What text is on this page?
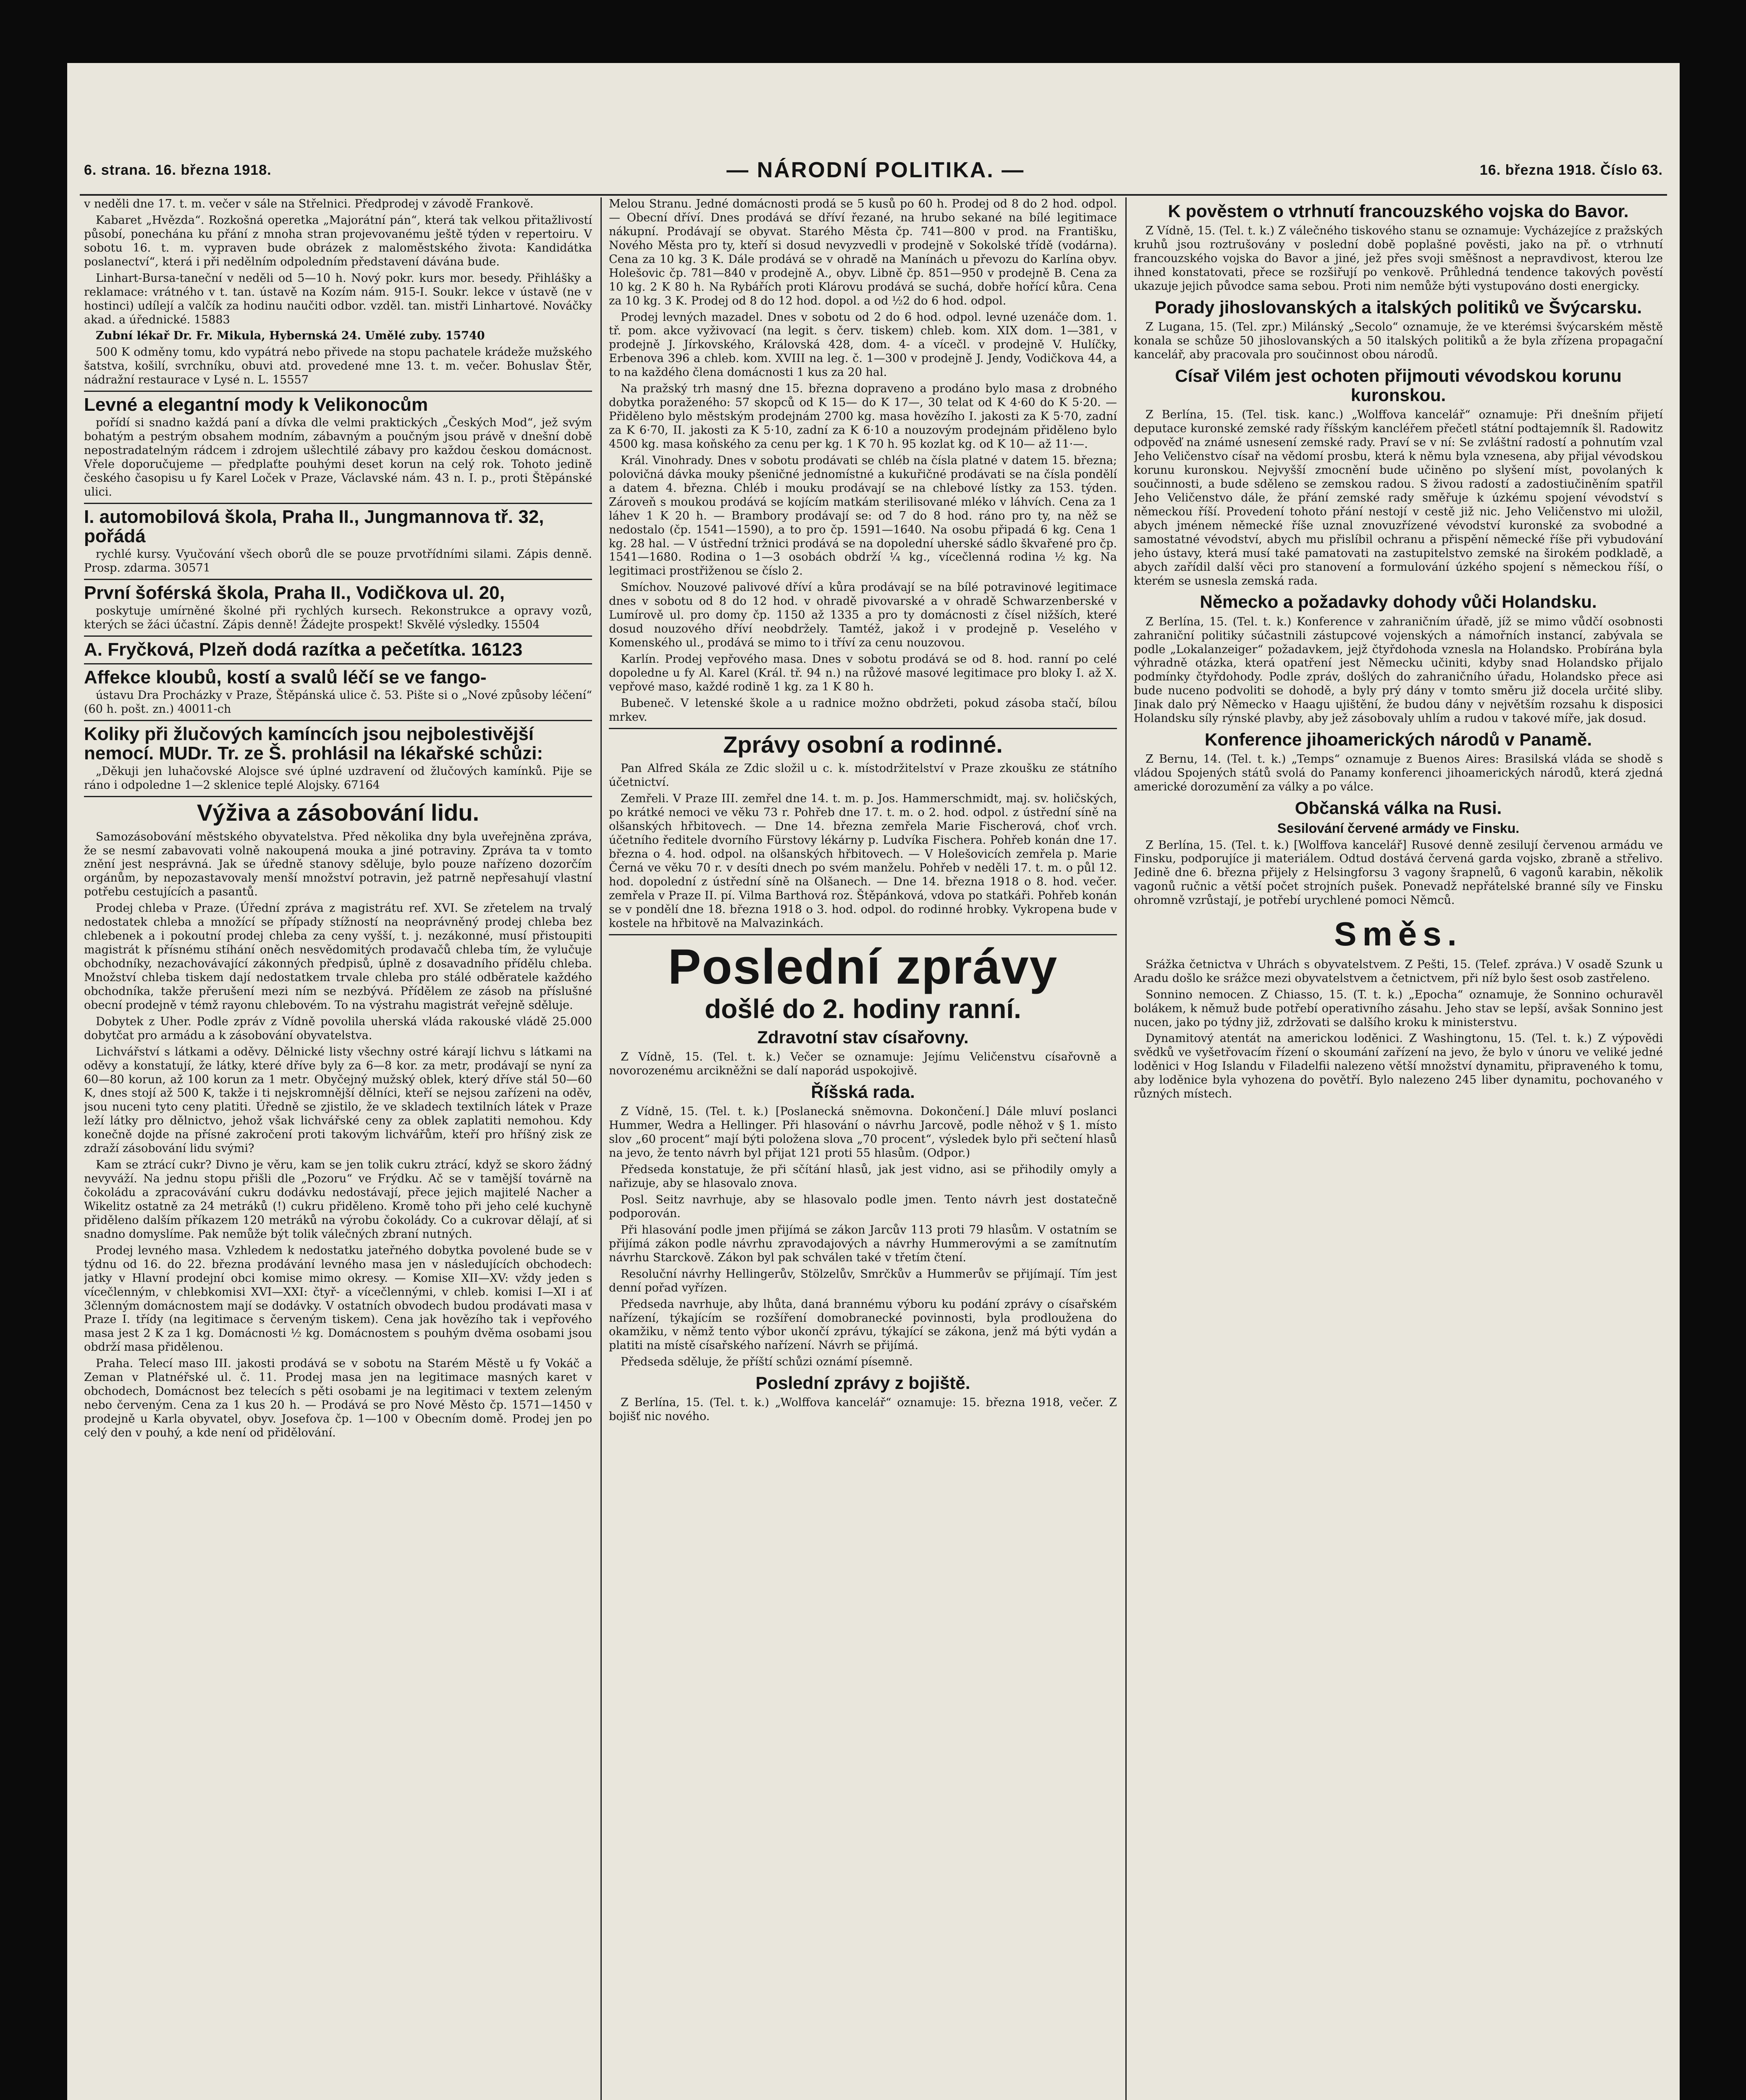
6. strana. 16. března 1918.	— NÁRODNÍ POLITIKA. —	16. března 1918. Číslo 63.

v neděli dne 17. t. m. večer v sále na Střelnici. Předprodej v závodě Frankově.

Kabaret „Hvězda“. Rozkošná operetka „Majorátní pán“, která tak velkou přitažlivostí působí, ponechána ku přání z mnoha stran projevovanému ještě týden v repertoiru. V sobotu 16. t. m. vypraven bude obrázek z maloměstského života: Kandidátka poslanectví“, která i při nedělním odpoledním představení dávána bude.

Linhart-Bursa-taneční v neděli od 5—10 h. Nový pokr. kurs mor. besedy. Přihlášky a reklamace: vrátného v t. tan. ústavě na Kozím nám. 915-I. Soukr. lekce v ústavě (ne v hostinci) udílejí a valčík za hodinu naučiti odbor. vzděl. tan. mistři Linhartové. Nováčky akad. a úřednické. 15883

Zubní lékař Dr. Fr. Mikula, Hybernská 24. Umělé zuby. 15740

500 K odměny tomu, kdo vypátrá nebo přivede na stopu pachatele krádeže mužského šatstva, košilí, svrchníku, obuvi atd. provedené mne 13. t. m. večer. Bohuslav Štěr, nádražní restaurace v Lysé n. L. 15557

Levné a elegantní mody k Velikonocům

pořídí si snadno každá paní a dívka dle velmi praktických „Českých Mod“, jež svým bohatým a pestrým obsahem modním, zábavným a poučným jsou právě v dnešní době nepostradatelným rádcem i zdrojem ušlechtilé zábavy pro každou českou domácnost. Vřele doporučujeme — předplaťte pouhými deset korun na celý rok. Tohoto jedině českého časopisu u fy Karel Loček v Praze, Václavské nám. 43 n. I. p., proti Štěpánské ulici.

I. automobilová škola, Praha II., Jungmannova tř. 32, pořádá

rychlé kursy. Vyučování všech oborů dle se pouze prvotřídními silami. Zápis denně. Prosp. zdarma. 30571

První šoférská škola, Praha II., Vodičkova ul. 20,

poskytuje umírněné školné při rychlých kursech. Rekonstrukce a opravy vozů, kterých se žáci účastní. Zápis denně! Žádejte prospekt! Skvělé výsledky. 15504

A. Fryčková, Plzeň dodá razítka a pečetítka. 16123
Affekce kloubů, kostí a svalů léčí se ve fango-

ústavu Dra Procházky v Praze, Štěpánská ulice č. 53. Pište si o „Nové způsoby léčení“ (60 h. pošt. zn.) 40011-ch

Koliky při žlučových kamíncích jsou nejbolestivější nemocí. MUDr. Tr. ze Š. prohlásil na lékařské schůzi:

„Děkuji jen luhačovské Alojsce své úplné uzdravení od žlučových kamínků. Pije se ráno i odpoledne 1—2 sklenice teplé Alojsky. 67164

Výživa a zásobování lidu.

Samozásobování městského obyvatelstva. Před několika dny byla uveřejněna zpráva, že se nesmí zabavovati volně nakoupená mouka a jiné potraviny. Zpráva ta v tomto znění jest nesprávná. Jak se úředně stanovy sděluje, bylo pouze nařízeno dozorčím orgánům, by nepozastavovaly menší množství potravin, jež patrně nepřesahují vlastní potřebu cestujících a pasantů.

Prodej chleba v Praze. (Úřední zpráva z magistrátu ref. XVI. Se zřetelem na trvalý nedostatek chleba a množící se případy stížností na neoprávněný prodej chleba bez chlebenek a i pokoutní prodej chleba za ceny vyšší, t. j. nezákonné, musí přistoupiti magistrát k přísnému stíhání oněch nesvědomitých prodavačů chleba tím, že vylučuje obchodníky, nezachovávající zákonných předpisů, úplně z dosavadního přídělu chleba. Množství chleba tiskem dají nedostatkem trvale chleba pro stálé odběratele každého obchodníka, takže přerušení mezi ním se nezbývá. Přídělem ze zásob na příslušné obecní prodejně v témž rayonu chlebovém. To na výstrahu magistrát veřejně sděluje.

Dobytek z Uher. Podle zpráv z Vídně povolila uherská vláda rakouské vládě 25.000 dobytčat pro armádu a k zásobování obyvatelstva.

Lichvářství s látkami a oděvy. Dělnické listy všechny ostré kárají lichvu s látkami na oděvy a konstatují, že látky, které dříve byly za 6—8 kor. za metr, prodávají se nyní za 60—80 korun, až 100 korun za 1 metr. Obyčejný mužský oblek, který dříve stál 50—60 K, dnes stojí až 500 K, takže i ti nejskromnější dělníci, kteří se nejsou zařízeni na oděv, jsou nuceni tyto ceny platiti. Úředně se zjistilo, že ve skladech textilních látek v Praze leží látky pro dělnictvo, jehož však lichvářské ceny za oblek zaplatiti nemohou. Kdy konečně dojde na přísné zakročení proti takovým lichvářům, kteří pro hříšný zisk ze zdraží zásobování lidu svými?

Kam se ztrácí cukr? Divno je věru, kam se jen tolik cukru ztrácí, když se skoro žádný nevyváží. Na jednu stopu přišli dle „Pozoru“ ve Frýdku. Ač se v tamější továrně na čokoládu a zpracovávání cukru dodávku nedostávají, přece jejich majitelé Nacher a Wikelitz ostatně za 24 metráků (!) cukru přiděleno. Kromě toho při jeho celé kuchyně přiděleno dalším příkazem 120 metráků na výrobu čokolády. Co a cukrovar dělají, ať si snadno domyslíme. Pak nemůže být tolik válečných zbraní nutných.

Prodej levného masa. Vzhledem k nedostatku jateřného dobytka povolené bude se v týdnu od 16. do 22. března prodávání levného masa jen v následujících obchodech: jatky v Hlavní prodejní obci komise mimo okresy. — Komise XII—XV: vždy jeden s vícečlenným, v chlebkomisi XVI—XXI: čtyř- a vícečlennými, v chleb. komisi I—XI i ať 3členným domácnostem mají se dodávky. V ostatních obvodech budou prodávati masa v Praze I. třídy (na legitimace s červeným tiskem). Cena jak hovězího tak i vepřového masa jest 2 K za 1 kg. Domácnosti ½ kg. Domácnostem s pouhým dvěma osobami jsou obdrží masa přidělenou.

Praha. Telecí maso III. jakosti prodává se v sobotu na Starém Městě u fy Vokáč a Zeman v Platnéřské ul. č. 11. Prodej masa jen na legitimace masných karet v obchodech, Domácnost bez telecích s pěti osobami je na legitimaci v textem zeleným nebo červeným. Cena za 1 kus 20 h. — Prodává se pro Nové Město čp. 1571—1450 v prodejně u Karla obyvatel, obyv. Josefova čp. 1—100 v Obecním domě. Prodej jen po celý den v pouhý, a kde není od přidělování.

Melou Stranu. Jedné domácnosti prodá se 5 kusů po 60 h. Prodej od 8 do 2 hod. odpol. — Obecní dříví. Dnes prodává se dříví řezané, na hrubo sekané na bílé legitimace nákupní. Prodávají se obyvat. Starého Města čp. 741—800 v prod. na Františku, Nového Města pro ty, kteří si dosud nevyzvedli v prodejně v Sokolské třídě (vodárna). Cena za 10 kg. 3 K. Dále prodává se v ohradě na Manínách u převozu do Karlína obyv. Holešovic čp. 781—840 v prodejně A., obyv. Libně čp. 851—950 v prodejně B. Cena za 10 kg. 2 K 80 h. Na Rybářích proti Klárovu prodává se suchá, dobře hořící kůra. Cena za 10 kg. 3 K. Prodej od 8 do 12 hod. dopol. a od ½2 do 6 hod. odpol.

Prodej levných mazadel. Dnes v sobotu od 2 do 6 hod. odpol. levné uzenáče dom. 1. tř. pom. akce vyživovací (na legit. s červ. tiskem) chleb. kom. XIX dom. 1—381, v prodejně J. Jírkovského, Královská 428, dom. 4- a vícečl. v prodejně V. Hulíčky, Erbenova 396 a chleb. kom. XVIII na leg. č. 1—300 v prodejně J. Jendy, Vodičkova 44, a to na každého člena domácnosti 1 kus za 20 hal.

Na pražský trh masný dne 15. března dopraveno a prodáno bylo masa z drobného dobytka poraženého: 57 skopců od K 15— do K 17—, 30 telat od K 4·60 do K 5·20. — Přiděleno bylo městským prodejnám 2700 kg. masa hovězího I. jakosti za K 5·70, zadní za K 6·70, II. jakosti za K 5·10, zadní za K 6·10 a nouzovým prodejnám přiděleno bylo 4500 kg. masa koňského za cenu per kg. 1 K 70 h. 95 kozlat kg. od K 10— až 11·—.

Král. Vinohrady. Dnes v sobotu prodávati se chléb na čísla platné v datem 15. března; polovičná dávka mouky pšeničné jednomístné a kukuřičné prodávati se na čísla pondělí a datem 4. března. Chléb i mouku prodávají se na chlebové lístky za 153. týden. Zároveň s moukou prodává se kojícím matkám sterilisované mléko v láhvích. Cena za 1 láhev 1 K 20 h. — Brambory prodávají se: od 7 do 8 hod. ráno pro ty, na něž se nedostalo (čp. 1541—1590), a to pro čp. 1591—1640. Na osobu připadá 6 kg. Cena 1 kg. 28 hal. — V ústřední tržnici prodává se na dopolední uherské sádlo škvařené pro čp. 1541—1680. Rodina o 1—3 osobách obdrží ¼ kg., vícečlenná rodina ½ kg. Na legitimaci prostřiženou se číslo 2.

Smíchov. Nouzové palivové dříví a kůra prodávají se na bílé potravinové legitimace dnes v sobotu od 8 do 12 hod. v ohradě pivovarské a v ohradě Schwarzenberské v Lumírově ul. pro domy čp. 1150 až 1335 a pro ty domácnosti z čísel nižších, které dosud nouzového dříví neobdržely. Tamtéž, jakož i v prodejně p. Veselého v Komenského ul., prodává se mimo to i tříví za cenu nouzovou.

Karlín. Prodej vepřového masa. Dnes v sobotu prodává se od 8. hod. ranní po celé dopoledne u fy Al. Karel (Král. tř. 94 n.) na růžové masové legitimace pro bloky I. až X. vepřové maso, každé rodině 1 kg. za 1 K 80 h.

Bubeneč. V letenské škole a u radnice možno obdržeti, pokud zásoba stačí, bílou mrkev.

Zprávy osobní a rodinné.

Pan Alfred Skála ze Zdic složil u c. k. místodržitelství v Praze zkoušku ze státního účetnictví.

Zemřeli. V Praze III. zemřel dne 14. t. m. p. Jos. Hammerschmidt, maj. sv. holičských, po krátké nemoci ve věku 73 r. Pohřeb dne 17. t. m. o 2. hod. odpol. z ústřední síně na olšanských hřbitovech. — Dne 14. března zemřela Marie Fischerová, choť vrch. účetního ředitele dvorního Fürstovy lékárny p. Ludvíka Fischera. Pohřeb konán dne 17. března o 4. hod. odpol. na olšanských hřbitovech. — V Holešovicích zemřela p. Marie Černá ve věku 70 r. v desíti dnech po svém manželu. Pohřeb v neděli 17. t. m. o půl 12. hod. dopolední z ústřední síně na Olšanech. — Dne 14. března 1918 o 8. hod. večer. zemřela v Praze II. pí. Vilma Barthová roz. Štěpánková, vdova po statkáři. Pohřeb konán se v pondělí dne 18. března 1918 o 3. hod. odpol. do rodinné hrobky. Vykropena bude v kostele na hřbitově na Malvazinkách.

Poslední zprávy
došlé do 2. hodiny ranní.
Zdravotní stav císařovny.

Z Vídně, 15. (Tel. t. k.) Večer se oznamuje: Jejímu Veličenstvu císařovně a novorozenému arcikněžni se dalí naporád uspokojivě.

Říšská rada.

Z Vídně, 15. (Tel. t. k.) [Poslanecká sněmovna. Dokončení.] Dále mluví poslanci Hummer, Wedra a Hellinger. Při hlasování o návrhu Jarcově, podle něhož v § 1. místo slov „60 procent“ mají býti položena slova „70 procent“, výsledek bylo při sečtení hlasů na jevo, že tento návrh byl přijat 121 proti 55 hlasům. (Odpor.)

Předseda konstatuje, že při sčítání hlasů, jak jest vidno, asi se přihodily omyly a nařizuje, aby se hlasovalo znova.

Posl. Seitz navrhuje, aby se hlasovalo podle jmen. Tento návrh jest dostatečně podporován.

Při hlasování podle jmen přijímá se zákon Jarcův 113 proti 79 hlasům. V ostatním se přijímá zákon podle návrhu zpravodajových a návrhy Hummerovými a se zamítnutím návrhu Starckově. Zákon byl pak schválen také v třetím čtení.

Resoluční návrhy Hellingerův, Stölzelův, Smrčkův a Hummerův se přijímají. Tím jest denní pořad vyřízen.

Předseda navrhuje, aby lhůta, daná brannému výboru ku podání zprávy o císařském nařízení, týkajícím se rozšíření domobranecké povinnosti, byla prodloužena do okamžiku, v němž tento výbor ukončí zprávu, týkající se zákona, jenž má býti vydán a platiti na místě císařského nařízení. Návrh se přijímá.

Předseda sděluje, že příští schůzi oznámí písemně.

Poslední zprávy z bojiště.

Z Berlína, 15. (Tel. t. k.) „Wolffova kancelář“ oznamuje: 15. března 1918, večer. Z bojišť nic nového.

K pověstem o vtrhnutí francouzského vojska do Bavor.

Z Vídně, 15. (Tel. t. k.) Z válečného tiskového stanu se oznamuje: Vycházejíce z pražských kruhů jsou roztrušovány v poslední době poplašné pověsti, jako na př. o vtrhnutí francouzského vojska do Bavor a jiné, jež přes svoji směšnost a nepravdivost, kterou lze ihned konstatovati, přece se rozšiřují po venkově. Průhledná tendence takových pověstí ukazuje jejich původce sama sebou. Proti nim nemůže býti vystupováno dosti energicky.

Porady jihoslovanských a italských politiků ve Švýcarsku.

Z Lugana, 15. (Tel. zpr.) Milánský „Secolo“ oznamuje, že ve kterémsi švýcarském městě konala se schůze 50 jihoslovanských a 50 italských politiků a že byla zřízena propagační kancelář, aby pracovala pro součinnost obou národů.

Císař Vilém jest ochoten přijmouti vévodskou korunu kuronskou.

Z Berlína, 15. (Tel. tisk. kanc.) „Wolffova kancelář“ oznamuje: Při dnešním přijetí deputace kuronské zemské rady říšským kancléřem přečetl státní podtajemník šl. Radowitz odpověď na známé usnesení zemské rady. Praví se v ní: Se zvláštní radostí a pohnutím vzal Jeho Veličenstvo císař na vědomí prosbu, která k němu byla vznesena, aby přijal vévodskou korunu kuronskou. Nejvyšší zmocnění bude učiněno po slyšení míst, povolaných k součinnosti, a bude sděleno se zemskou radou. S živou radostí a zadostiučiněním spatřil Jeho Veličenstvo dále, že přání zemské rady směřuje k úzkému spojení vévodství s německou říší. Provedení tohoto přání nestojí v cestě již nic. Jeho Veličenstvo mi uložil, abych jménem německé říše uznal znovuzřízené vévodství kuronské za svobodné a samostatné vévodství, abych mu přislíbil ochranu a přispění německé říše při vybudování jeho ústavy, která musí také pamatovati na zastupitelstvo zemské na širokém podkladě, a abych zařídil další věci pro stanovení a formulování úzkého spojení s německou říší, o kterém se usnesla zemská rada.

Německo a požadavky dohody vůči Holandsku.

Z Berlína, 15. (Tel. t. k.) Konference v zahraničním úřadě, jíž se mimo vůdčí osobnosti zahraniční politiky súčastnili zástupcové vojenských a námořních instancí, zabývala se podle „Lokalanzeiger“ požadavkem, jejž čtyřdohoda vznesla na Holandsko. Probírána byla výhradně otázka, která opatření jest Německu učiniti, kdyby snad Holandsko přijalo podmínky čtyřdohody. Podle zpráv, došlých do zahraničního úřadu, Holandsko přece asi bude nuceno podvoliti se dohodě, a byly prý dány v tomto směru již docela určité sliby. Jinak dalo prý Německo v Haagu ujištění, že budou dány v největším rozsahu k disposici Holandsku síly rýnské plavby, aby jež zásobovaly uhlím a rudou v takové míře, jak dosud.

Konference jihoamerických národů v Panamě.

Z Bernu, 14. (Tel. t. k.) „Temps“ oznamuje z Buenos Aires: Brasilská vláda se shodě s vládou Spojených států svolá do Panamy konferenci jihoamerických národů, která zjedná americké dorozumění za války a po válce.

Občanská válka na Rusi.
Sesilování červené armády ve Finsku.

Z Berlína, 15. (Tel. t. k.) [Wolffova kancelář] Rusové denně zesilují červenou armádu ve Finsku, podporujíce ji materiálem. Odtud dostává červená garda vojsko, zbraně a střelivo. Jedině dne 6. března přijely z Helsingforsu 3 vagony šrapnelů, 6 vagonů karabin, několik vagonů ručnic a větší počet strojních pušek. Ponevadž nepřátelské branné síly ve Finsku ohromně vzrůstají, je potřebí urychlené pomoci Němců.

Směs.

Srážka četnictva v Uhrách s obyvatelstvem. Z Pešti, 15. (Telef. zpráva.) V osadě Szunk u Aradu došlo ke srážce mezi obyvatelstvem a četnictvem, při níž bylo šest osob zastřeleno.

Sonnino nemocen. Z Chiasso, 15. (T. t. k.) „Epocha“ oznamuje, že Sonnino ochuravěl bolákem, k němuž bude potřebí operativního zásahu. Jeho stav se lepší, avšak Sonnino jest nucen, jako po týdny již, zdržovati se dalšího kroku k ministerstvu.

Dynamitový atentát na americkou loděnici. Z Washingtonu, 15. (Tel. t. k.) Z výpovědi svědků ve vyšetřovacím řízení o skoumání zařízení na jevo, že bylo v únoru ve veliké jedné loděnici v Hog Islandu v Filadelfii nalezeno větší množství dynamitu, připraveného k tomu, aby loděnice byla vyhozena do povětří. Bylo nalezeno 245 liber dynamitu, pochovaného v různých místech.
